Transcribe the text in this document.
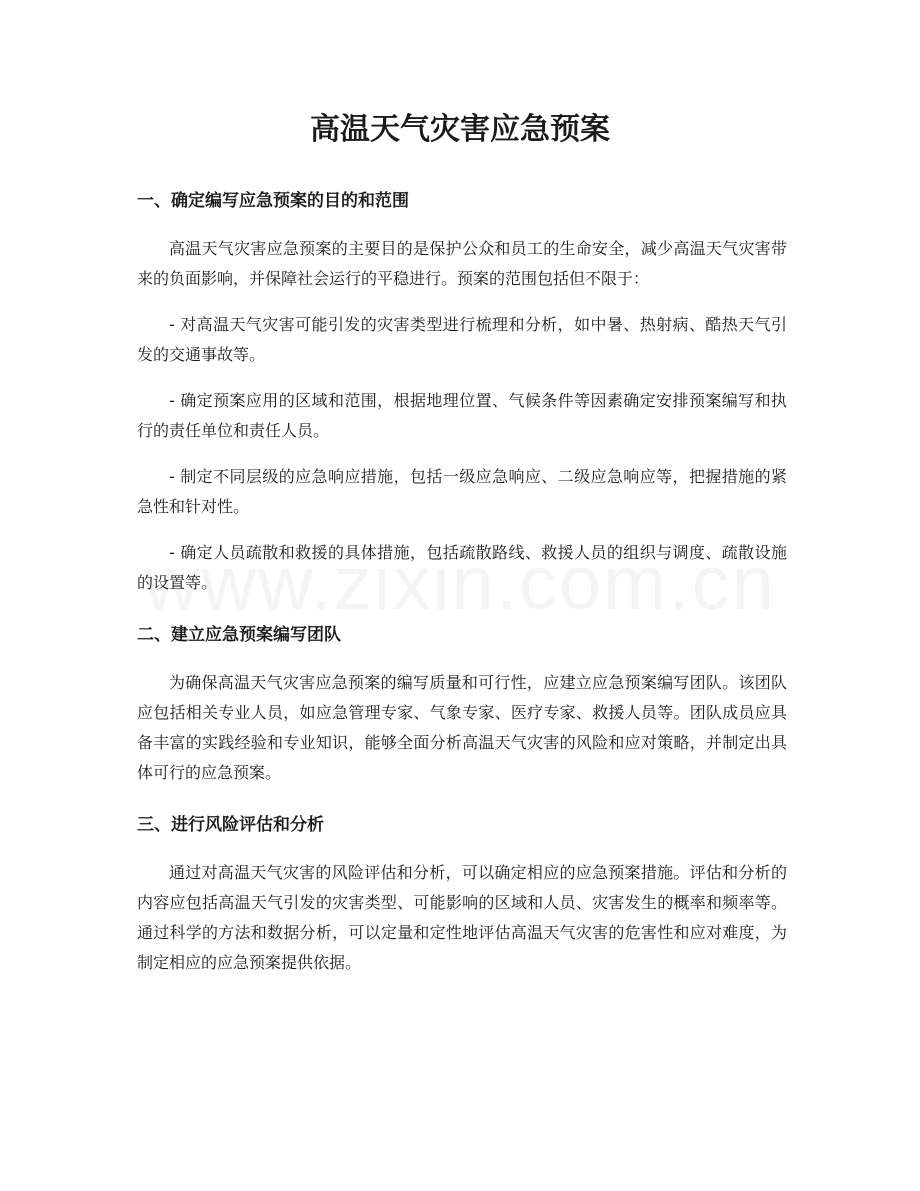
高温天气灾害应急预案
一、确定编写应急预案的目的和范围

高温天气灾害应急预案的主要目的是保护公众和员工的生命安全，减少高温天气灾害带来的负面影响，并保障社会运行的平稳进行。预案的范围包括但不限于：

- 对高温天气灾害可能引发的灾害类型进行梳理和分析，如中暑、热射病、酷热天气引发的交通事故等。

- 确定预案应用的区域和范围，根据地理位置、气候条件等因素确定安排预案编写和执行的责任单位和责任人员。

- 制定不同层级的应急响应措施，包括一级应急响应、二级应急响应等，把握措施的紧急性和针对性。

- 确定人员疏散和救援的具体措施，包括疏散路线、救援人员的组织与调度、疏散设施的设置等。

二、建立应急预案编写团队

为确保高温天气灾害应急预案的编写质量和可行性，应建立应急预案编写团队。该团队应包括相关专业人员，如应急管理专家、气象专家、医疗专家、救援人员等。团队成员应具备丰富的实践经验和专业知识，能够全面分析高温天气灾害的风险和应对策略，并制定出具体可行的应急预案。

三、进行风险评估和分析

通过对高温天气灾害的风险评估和分析，可以确定相应的应急预案措施。评估和分析的内容应包括高温天气引发的灾害类型、可能影响的区域和人员、灾害发生的概率和频率等。通过科学的方法和数据分析，可以定量和定性地评估高温天气灾害的危害性和应对难度，为制定相应的应急预案提供依据。
